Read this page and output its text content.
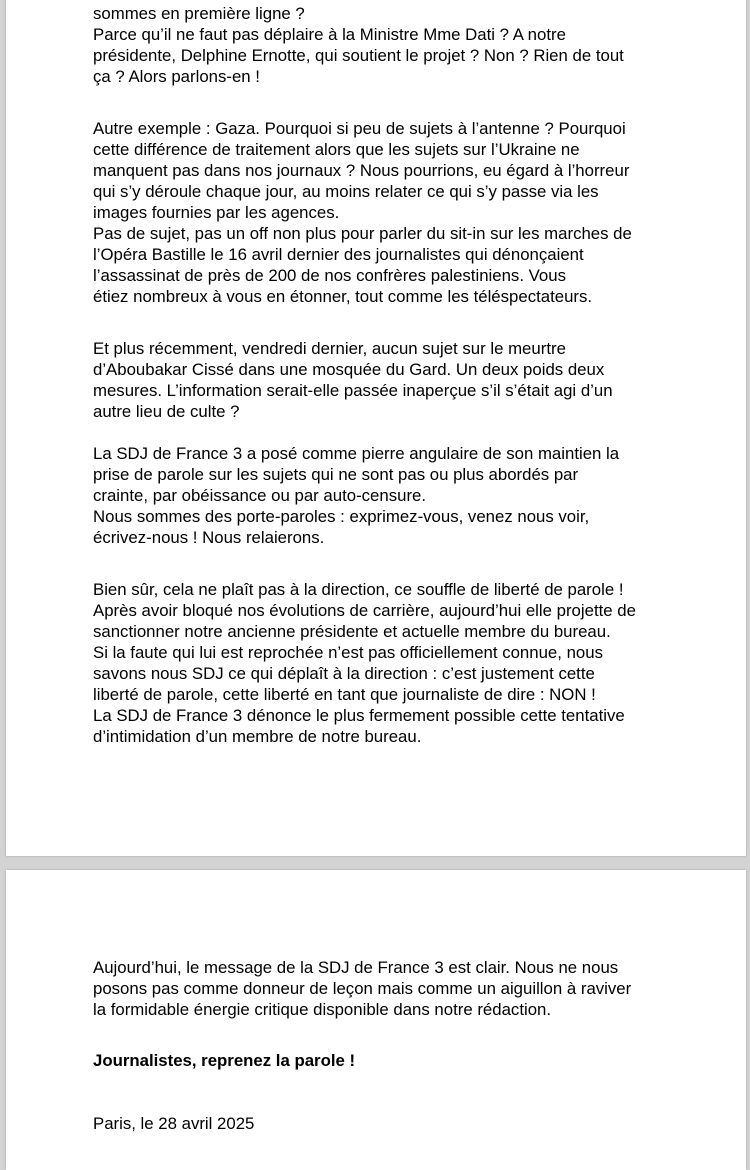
sommes en première ligne ?
Parce qu’il ne faut pas déplaire à la Ministre Mme Dati ? A notre
présidente, Delphine Ernotte, qui soutient le projet ? Non ? Rien de tout
ça ? Alors parlons-en !

Autre exemple : Gaza. Pourquoi si peu de sujets à l’antenne ? Pourquoi
cette différence de traitement alors que les sujets sur l’Ukraine ne
manquent pas dans nos journaux ? Nous pourrions, eu égard à l’horreur
qui s’y déroule chaque jour, au moins relater ce qui s’y passe via les
images fournies par les agences.
Pas de sujet, pas un off non plus pour parler du sit-in sur les marches de
l’Opéra Bastille le 16 avril dernier des journalistes qui dénonçaient
l’assassinat de près de 200 de nos confrères palestiniens. Vous
étiez nombreux à vous en étonner, tout comme les téléspectateurs.

Et plus récemment, vendredi dernier, aucun sujet sur le meurtre
d’Aboubakar Cissé dans une mosquée du Gard. Un deux poids deux
mesures. L’information serait-elle passée inaperçue s’il s’était agi d’un
autre lieu de culte ?

La SDJ de France 3 a posé comme pierre angulaire de son maintien la
prise de parole sur les sujets qui ne sont pas ou plus abordés par
crainte, par obéissance ou par auto-censure.
Nous sommes des porte-paroles : exprimez-vous, venez nous voir,
écrivez-nous ! Nous relaierons.

Bien sûr, cela ne plaît pas à la direction, ce souffle de liberté de parole !
Après avoir bloqué nos évolutions de carrière, aujourd’hui elle projette de
sanctionner notre ancienne présidente et actuelle membre du bureau.
Si la faute qui lui est reprochée n’est pas officiellement connue, nous
savons nous SDJ ce qui déplaît à la direction : c’est justement cette
liberté de parole, cette liberté en tant que journaliste de dire : NON !
La SDJ de France 3 dénonce le plus fermement possible cette tentative
d’intimidation d’un membre de notre bureau.

Aujourd’hui, le message de la SDJ de France 3 est clair. Nous ne nous
posons pas comme donneur de leçon mais comme un aiguillon à raviver
la formidable énergie critique disponible dans notre rédaction.

Journalistes, reprenez la parole !

Paris, le 28 avril 2025
